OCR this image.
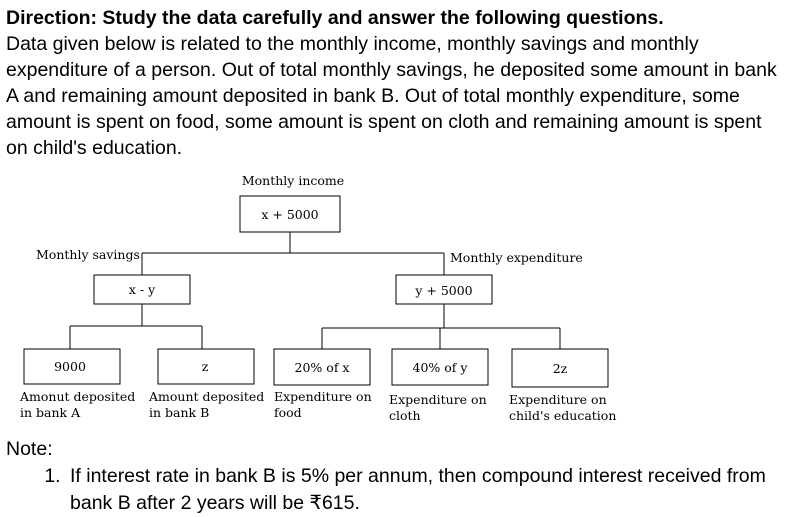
Direction: Study the data carefully and answer the following questions.
Data given below is related to the monthly income, monthly savings and monthly expenditure of a person. Out of total monthly savings, he deposited some amount in bank A and remaining amount deposited in bank B. Out of total monthly expenditure, some amount is spent on food, some amount is spent on cloth and remaining amount is spent on child's education.
Monthly income
x + 5000
Monthly savings
x - y
Monthly expenditure
y + 5000
9000
Amonut deposited
in bank A
z
Amount deposited
in bank B
20% of x
Expenditure on
food
40% of y
Expenditure on
cloth
2z
Expenditure on
child's education
Note:
1. If interest rate in bank B is 5% per annum, then compound interest received from bank B after 2 years will be ₹615.
